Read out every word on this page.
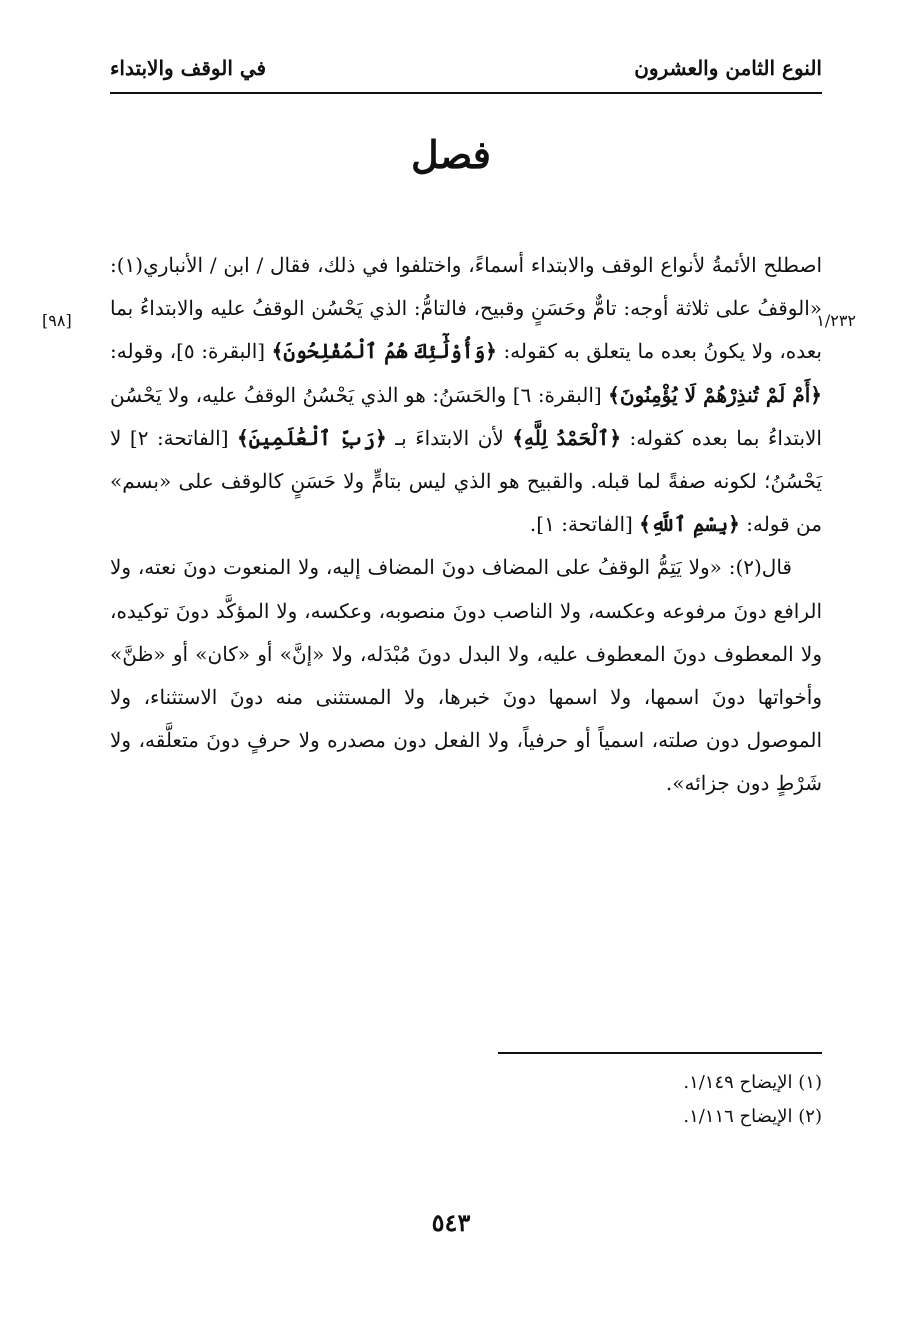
النوع الثامن والعشرون
في الوقف والابتداء
فصل
[٩٨]	١/٢٣٢

اصطلح الأئمةُ لأنواع الوقف والابتداء أسماءً، واختلفوا في ذلك، فقال / ابن / الأنباري(١): «الوقفُ على ثلاثة أوجه: تامٌّ وحَسَنٍ وقبيح، فالتامُّ: الذي يَحْسُن الوقفُ عليه والابتداءُ بما بعده، ولا يكونُ بعده ما يتعلق به كقوله: ﴿وَأُوْلَٰٓئِكَ هُمُ ٱلْمُفْلِحُونَ﴾ [البقرة: ٥]، وقوله: ﴿أَمْ لَمْ تُنذِرْهُمْ لَا يُؤْمِنُونَ﴾ [البقرة: ٦] والحَسَنُ: هو الذي يَحْسُنُ الوقفُ عليه، ولا يَحْسُن الابتداءُ بما بعده كقوله: ﴿ٱلْحَمْدُ لِلَّهِ﴾ لأن الابتداءَ بـ ﴿رَبِّ ٱلْعَٰلَمِينَ﴾ [الفاتحة: ٢] لا يَحْسُنُ؛ لكونه صفةً لما قبله. والقبيح هو الذي ليس بتامٍّ ولا حَسَنٍ كالوقف على «بسم» من قوله: ﴿بِسْمِ ٱللَّهِ﴾ [الفاتحة: ١].

قال(٢): «ولا يَتِمُّ الوقفُ على المضاف دونَ المضاف إليه، ولا المنعوت دونَ نعته، ولا الرافع دونَ مرفوعه وعكسه، ولا الناصب دونَ منصوبه، وعكسه، ولا المؤكَّد دونَ توكيده، ولا المعطوف دونَ المعطوف عليه، ولا البدل دونَ مُبْدَله، ولا «إنَّ» أو «كان» أو «ظنَّ» وأخواتها دونَ اسمها، ولا اسمها دونَ خبرها، ولا المستثنى منه دونَ الاستثناء، ولا الموصول دون صلته، اسمياً أو حرفياً، ولا الفعل دون مصدره ولا حرفٍ دونَ متعلَّقه، ولا شَرْطٍ دون جزائه».

(١) الإيضاح ١/١٤٩.
(٢) الإيضاح ١/١١٦.
٥٤٣
